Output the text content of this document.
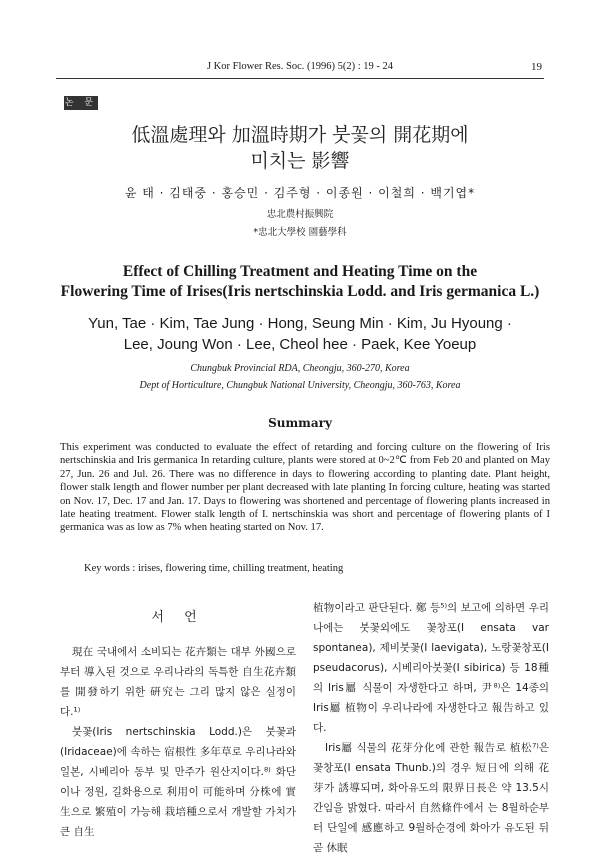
J Kor Flower Res. Soc. (1996) 5(2) : 19 - 24	19
논 문
低溫處理와 加溫時期가 붓꽃의 開花期에
미치는 影響
윤 태 · 김태중 · 홍승민 · 김주형 · 이종원 · 이철희 · 백기엽*
忠北農村振興院
*忠北大學校 園藝學科
Effect of Chilling Treatment and Heating Time on the
Flowering Time of Irises(Iris nertschinskia Lodd. and Iris germanica L.)
Yun, Tae · Kim, Tae Jung · Hong, Seung Min · Kim, Ju Hyoung ·
Lee, Joung Won · Lee, Cheol hee · Paek, Kee Yoeup
Chungbuk Provincial RDA, Cheongju, 360-270, Korea
Dept of Horticulture, Chungbuk National University, Cheongju, 360-763, Korea
Summary
This experiment was conducted to evaluate the effect of retarding and forcing culture on the flowering of Iris nertschinskia and Iris germanica In retarding culture, plants were stored at 0~2℃ from Feb 20 and planted on May 27, Jun. 26 and Jul. 26. There was no difference in days to flowering according to planting date. Plant height, flower stalk length and flower number per plant decreased with late planting In forcing culture, heating was started on Nov. 17, Dec. 17 and Jan. 17. Days to flowering was shortened and percentage of flowering plants increased in late heating treatment. Flower stalk length of I. nertschinskia was short and percentage of flowering plants of I germanica was as low as 7% when heating started on Nov. 17.
Key words : irises, flowering time, chilling treatment, heating
서 언

現在 국내에서 소비되는 花卉類는 대부 外國으로부터 導入된 것으로 우리나라의 독특한 自生花卉類를 開發하기 위한 硏究는 그리 많지 않은 실정이다.¹⁾

붓꽃(Iris nertschinskia Lodd.)은 붓꽃과(Iridaceae)에 속하는 宿根性 多年草로 우리나라와 일본, 시베리아 동부 및 만주가 원산지이다.⁸⁾ 화단이나 정원, 길화용으로 利用이 可能하며 分株에 實生으로 繁殖이 가능해 栽培種으로서 개발할 가치가 큰 自生

植物이라고 판단된다. 鄭 등⁵⁾의 보고에 의하면 우리나에는 붓꽃외에도 꽃창포(I ensata var spontanea), 제비붓꽃(I laevigata), 노랑꽃창포(I pseudacorus), 시베리아붓꽃(I sibirica) 등 18種의 Iris屬 식물이 자생한다고 하며, 尹⁸⁾은 14종의 Iris屬 植物이 우리나라에 자생한다고 報告하고 있다.

Iris屬 식물의 花芽分化에 관한 報告로 植松⁷⁾은 꽃창포(I ensata Thunb.)의 경우 短日에 의해 花芽가 誘導되며, 화아유도의 限界日長은 약 13.5시간임을 밝혔다. 따라서 自然條件에서 는 8월하순부터 단일에 感應하고 9월하순경에 화아가 유도된 뒤 곧 休眠
